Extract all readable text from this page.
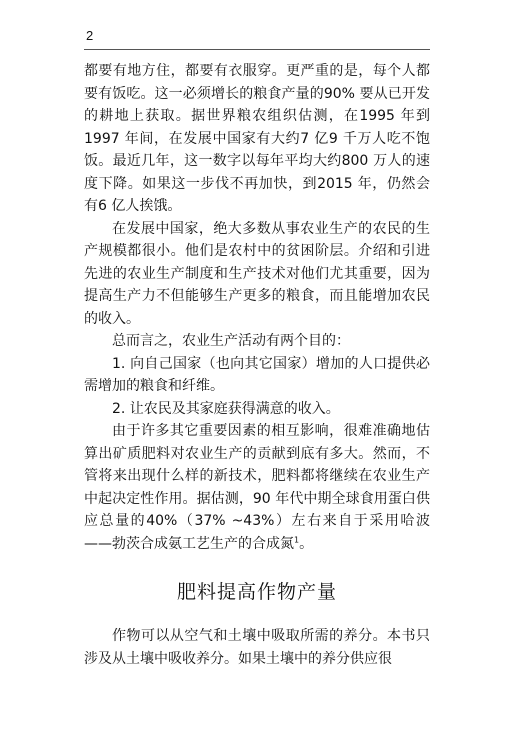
2

都要有地方住，都要有衣服穿。更严重的是，每个人都要有饭吃。这一必须增长的粮食产量的90% 要从已开发的耕地上获取。据世界粮农组织估测，在1995 年到1997 年间，在发展中国家有大约7 亿9 千万人吃不饱饭。最近几年，这一数字以每年平均大约800 万人的速度下降。如果这一步伐不再加快，到2015 年，仍然会有6 亿人挨饿。

在发展中国家，绝大多数从事农业生产的农民的生产规模都很小。他们是农村中的贫困阶层。介绍和引进先进的农业生产制度和生产技术对他们尤其重要，因为提高生产力不但能够生产更多的粮食，而且能增加农民的收入。

总而言之，农业生产活动有两个目的：

1. 向自己国家（也向其它国家）增加的人口提供必需增加的粮食和纤维。

2. 让农民及其家庭获得满意的收入。

由于许多其它重要因素的相互影响，很难准确地估算出矿质肥料对农业生产的贡献到底有多大。然而，不管将来出现什么样的新技术，肥料都将继续在农业生产中起决定性作用。据估测，90 年代中期全球食用蛋白供应总量的40%（37% ~43%）左右来自于采用哈波——勃茨合成氨工艺生产的合成氮$^1$。

肥料提高作物产量

作物可以从空气和土壤中吸取所需的养分。本书只涉及从土壤中吸收养分。如果土壤中的养分供应很
